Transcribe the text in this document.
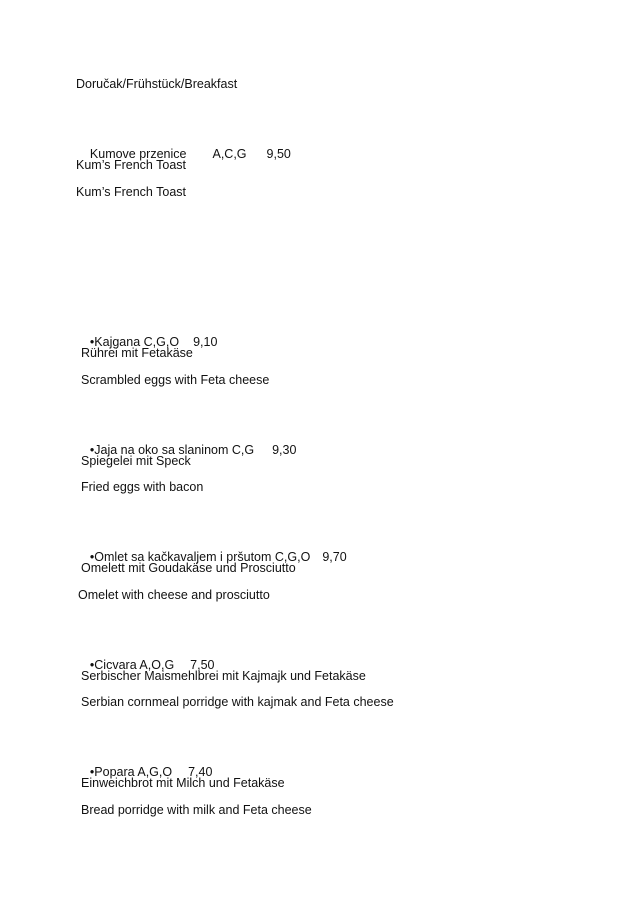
Doručak/Frühstück/Breakfast

Kumove przenice A,C,G 9,50

Kum’s French Toast
Kum’s French Toast

•Kajgana C,G,O 9,10

Rührei mit Fetakäse
Scrambled eggs with Feta cheese

•Jaja na oko sa slaninom C,G 9,30

Spiegelei mit Speck
Fried eggs with bacon

•Omlet sa kačkavaljem i pršutom C,G,O 9,70

Omelett mit Goudakäse und Prosciutto
Omelet with cheese and prosciutto

•Cicvara A,O,G 7,50

Serbischer Maismehlbrei mit Kajmajk und Fetakäse
Serbian cornmeal porridge with kajmak and Feta cheese

•Popara A,G,O 7,40

Einweichbrot mit Milch und Fetakäse
Bread porridge with milk and Feta cheese
